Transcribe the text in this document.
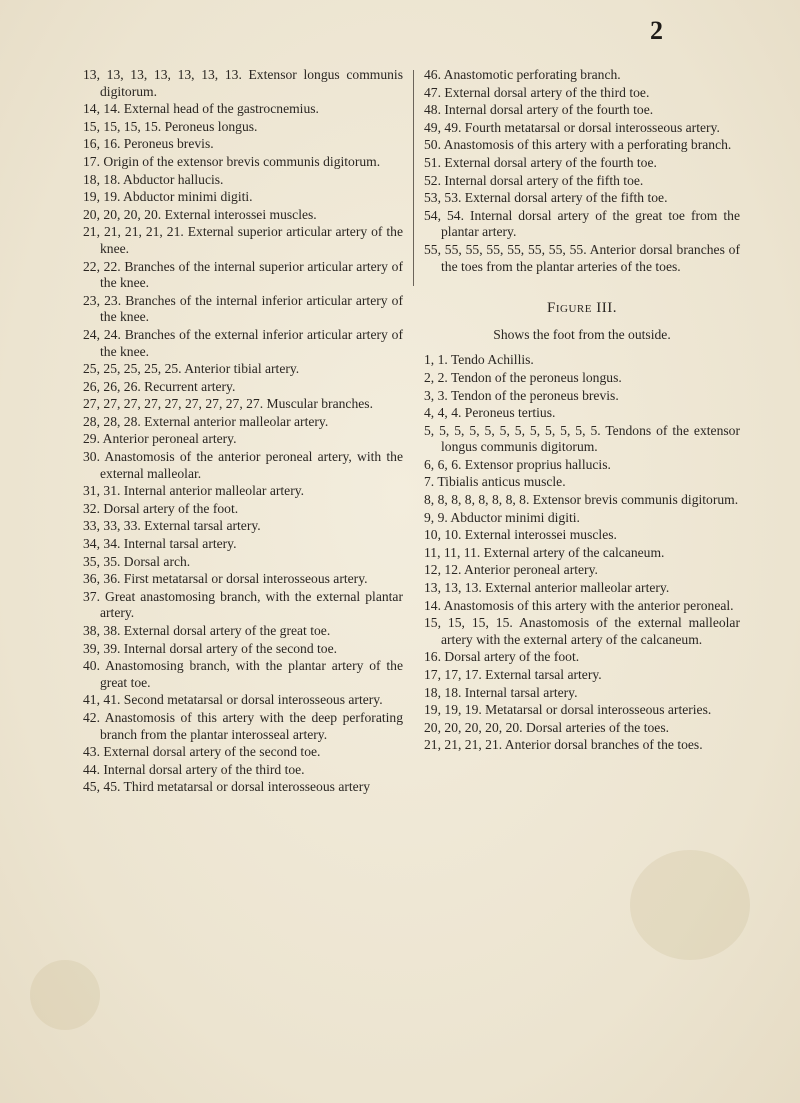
2

13, 13, 13, 13, 13, 13, 13. Extensor longus communis digitorum.

14, 14. External head of the gastrocnemius.

15, 15, 15, 15. Peroneus longus.

16, 16. Peroneus brevis.

17. Origin of the extensor brevis communis digitorum.

18, 18. Abductor hallucis.

19, 19. Abductor minimi digiti.

20, 20, 20, 20. External interossei muscles.

21, 21, 21, 21, 21. External superior articular artery of the knee.

22, 22. Branches of the internal superior articular artery of the knee.

23, 23. Branches of the internal inferior articular artery of the knee.

24, 24. Branches of the external inferior articular artery of the knee.

25, 25, 25, 25, 25. Anterior tibial artery.

26, 26, 26. Recurrent artery.

27, 27, 27, 27, 27, 27, 27, 27, 27. Muscular branches.

28, 28, 28. External anterior malleolar artery.

29. Anterior peroneal artery.

30. Anastomosis of the anterior peroneal artery, with the external malleolar.

31, 31. Internal anterior malleolar artery.

32. Dorsal artery of the foot.

33, 33, 33. External tarsal artery.

34, 34. Internal tarsal artery.

35, 35. Dorsal arch.

36, 36. First metatarsal or dorsal interosseous artery.

37. Great anastomosing branch, with the external plantar artery.

38, 38. External dorsal artery of the great toe.

39, 39. Internal dorsal artery of the second toe.

40. Anastomosing branch, with the plantar artery of the great toe.

41, 41. Second metatarsal or dorsal interosseous artery.

42. Anastomosis of this artery with the deep perforating branch from the plantar interosseal artery.

43. External dorsal artery of the second toe.

44. Internal dorsal artery of the third toe.

45, 45. Third metatarsal or dorsal interosseous artery

46. Anastomotic perforating branch.

47. External dorsal artery of the third toe.

48. Internal dorsal artery of the fourth toe.

49, 49. Fourth metatarsal or dorsal interosseous artery.

50. Anastomosis of this artery with a perforating branch.

51. External dorsal artery of the fourth toe.

52. Internal dorsal artery of the fifth toe.

53, 53. External dorsal artery of the fifth toe.

54, 54. Internal dorsal artery of the great toe from the plantar artery.

55, 55, 55, 55, 55, 55, 55, 55. Anterior dorsal branches of the toes from the plantar arteries of the toes.

Figure III.
Shows the foot from the outside.

1, 1. Tendo Achillis.

2, 2. Tendon of the peroneus longus.

3, 3. Tendon of the peroneus brevis.

4, 4, 4. Peroneus tertius.

5, 5, 5, 5, 5, 5, 5, 5, 5, 5, 5, 5. Tendons of the extensor longus communis digitorum.

6, 6, 6. Extensor proprius hallucis.

7. Tibialis anticus muscle.

8, 8, 8, 8, 8, 8, 8, 8. Extensor brevis communis digitorum.

9, 9. Abductor minimi digiti.

10, 10. External interossei muscles.

11, 11, 11. External artery of the calcaneum.

12, 12. Anterior peroneal artery.

13, 13, 13. External anterior malleolar artery.

14. Anastomosis of this artery with the anterior peroneal.

15, 15, 15, 15. Anastomosis of the external malleolar artery with the external artery of the calcaneum.

16. Dorsal artery of the foot.

17, 17, 17. External tarsal artery.

18, 18. Internal tarsal artery.

19, 19, 19. Metatarsal or dorsal interosseous arteries.

20, 20, 20, 20, 20. Dorsal arteries of the toes.

21, 21, 21, 21. Anterior dorsal branches of the toes.
